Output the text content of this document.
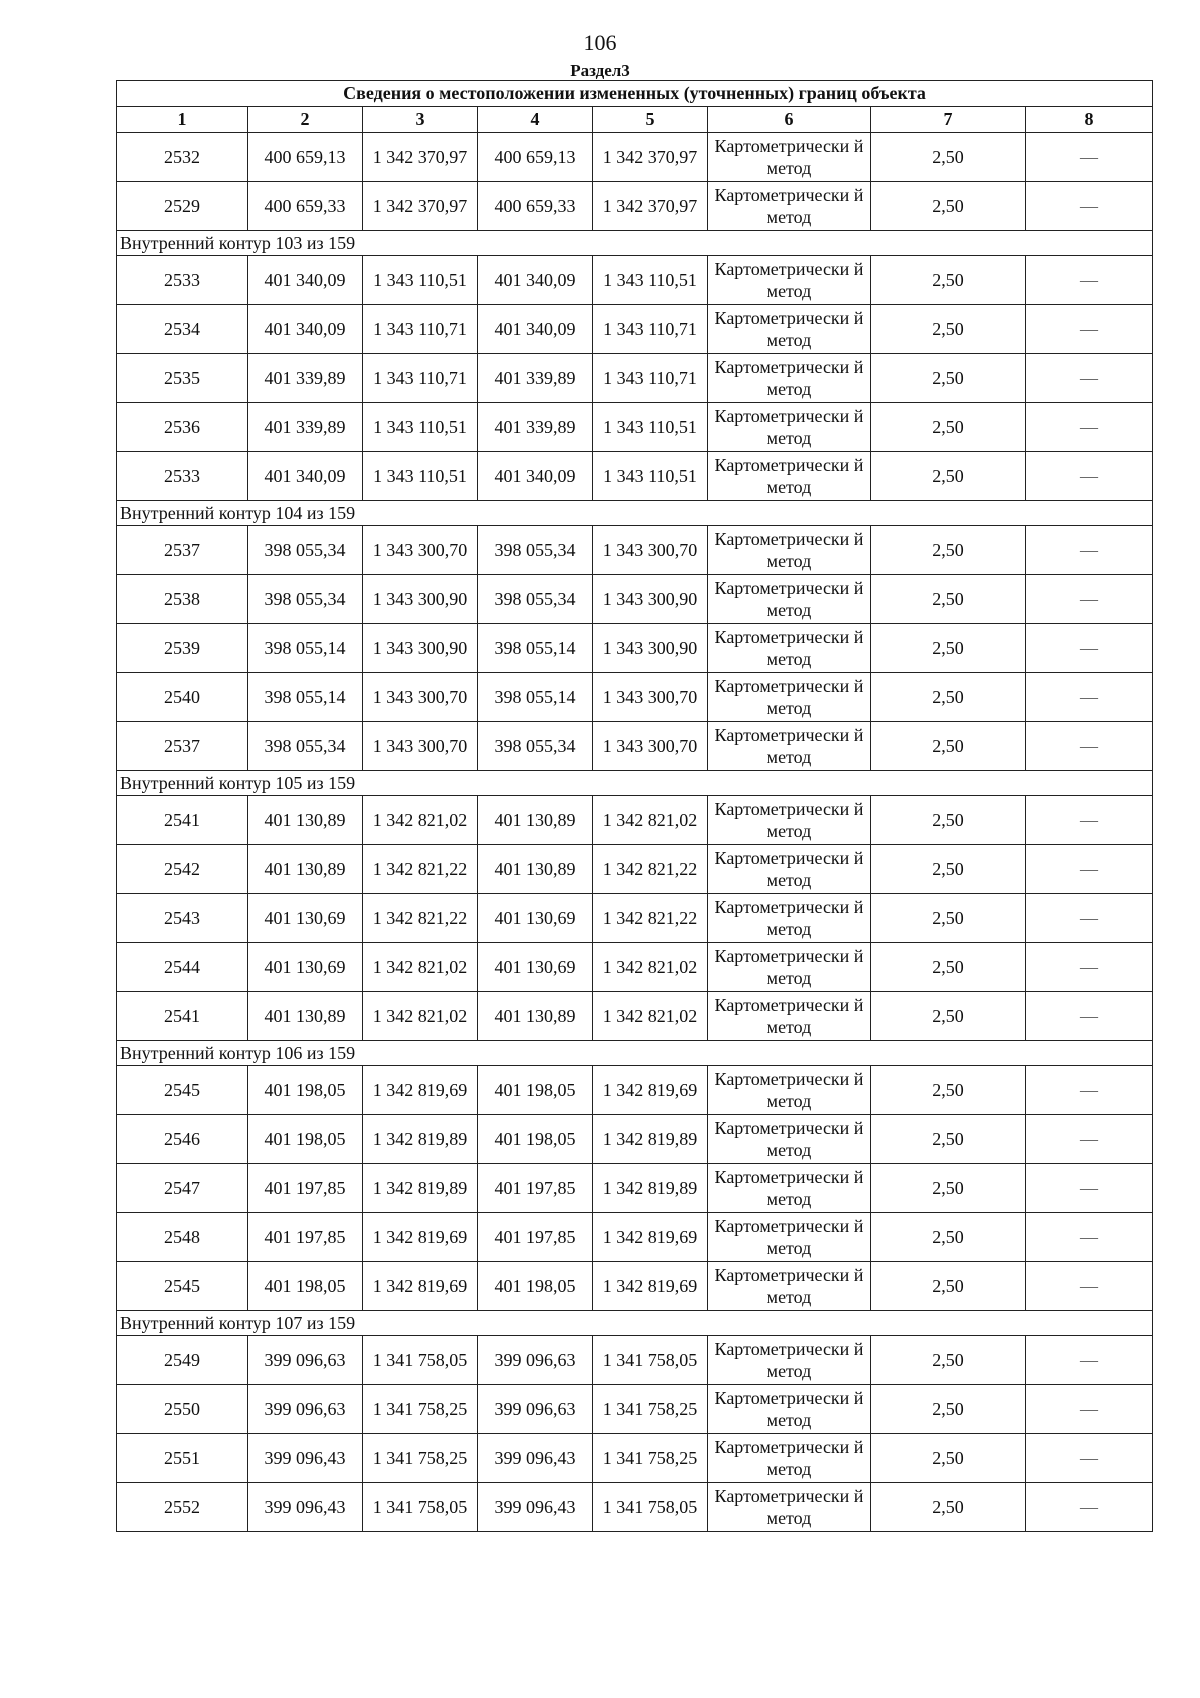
106
Раздел3
Сведения о местоположении измененных (уточненных) границ объекта							
1	2	3	4	5	6	7	8
2532	400 659,13	1 342 370,97	400 659,13	1 342 370,97	Картометрически й метод	2,50	—
2529	400 659,33	1 342 370,97	400 659,33	1 342 370,97	Картометрически й метод	2,50	—
Внутренний контур 103 из 159							
2533	401 340,09	1 343 110,51	401 340,09	1 343 110,51	Картометрически й метод	2,50	—
2534	401 340,09	1 343 110,71	401 340,09	1 343 110,71	Картометрически й метод	2,50	—
2535	401 339,89	1 343 110,71	401 339,89	1 343 110,71	Картометрически й метод	2,50	—
2536	401 339,89	1 343 110,51	401 339,89	1 343 110,51	Картометрически й метод	2,50	—
2533	401 340,09	1 343 110,51	401 340,09	1 343 110,51	Картометрически й метод	2,50	—
Внутренний контур 104 из 159							
2537	398 055,34	1 343 300,70	398 055,34	1 343 300,70	Картометрически й метод	2,50	—
2538	398 055,34	1 343 300,90	398 055,34	1 343 300,90	Картометрически й метод	2,50	—
2539	398 055,14	1 343 300,90	398 055,14	1 343 300,90	Картометрически й метод	2,50	—
2540	398 055,14	1 343 300,70	398 055,14	1 343 300,70	Картометрически й метод	2,50	—
2537	398 055,34	1 343 300,70	398 055,34	1 343 300,70	Картометрически й метод	2,50	—
Внутренний контур 105 из 159							
2541	401 130,89	1 342 821,02	401 130,89	1 342 821,02	Картометрически й метод	2,50	—
2542	401 130,89	1 342 821,22	401 130,89	1 342 821,22	Картометрически й метод	2,50	—
2543	401 130,69	1 342 821,22	401 130,69	1 342 821,22	Картометрически й метод	2,50	—
2544	401 130,69	1 342 821,02	401 130,69	1 342 821,02	Картометрически й метод	2,50	—
2541	401 130,89	1 342 821,02	401 130,89	1 342 821,02	Картометрически й метод	2,50	—
Внутренний контур 106 из 159							
2545	401 198,05	1 342 819,69	401 198,05	1 342 819,69	Картометрически й метод	2,50	—
2546	401 198,05	1 342 819,89	401 198,05	1 342 819,89	Картометрически й метод	2,50	—
2547	401 197,85	1 342 819,89	401 197,85	1 342 819,89	Картометрически й метод	2,50	—
2548	401 197,85	1 342 819,69	401 197,85	1 342 819,69	Картометрически й метод	2,50	—
2545	401 198,05	1 342 819,69	401 198,05	1 342 819,69	Картометрически й метод	2,50	—
Внутренний контур 107 из 159							
2549	399 096,63	1 341 758,05	399 096,63	1 341 758,05	Картометрически й метод	2,50	—
2550	399 096,63	1 341 758,25	399 096,63	1 341 758,25	Картометрически й метод	2,50	—
2551	399 096,43	1 341 758,25	399 096,43	1 341 758,25	Картометрически й метод	2,50	—
2552	399 096,43	1 341 758,05	399 096,43	1 341 758,05	Картометрически й метод	2,50	—
